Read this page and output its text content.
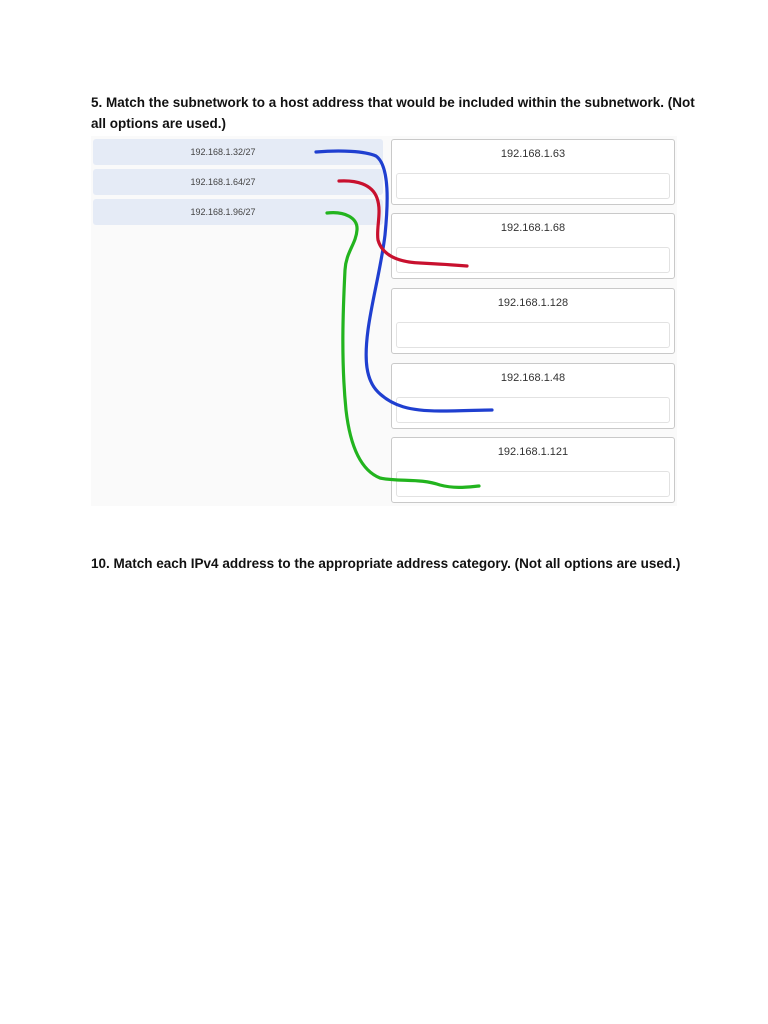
5. Match the subnetwork to a host address that would be included within the subnetwork. (Not all options are used.)

192.168.1.32/27
192.168.1.64/27
192.168.1.96/27
192.168.1.63
192.168.1.68
192.168.1.128
192.168.1.48
192.168.1.121

10. Match each IPv4 address to the appropriate address category. (Not all options are used.)
